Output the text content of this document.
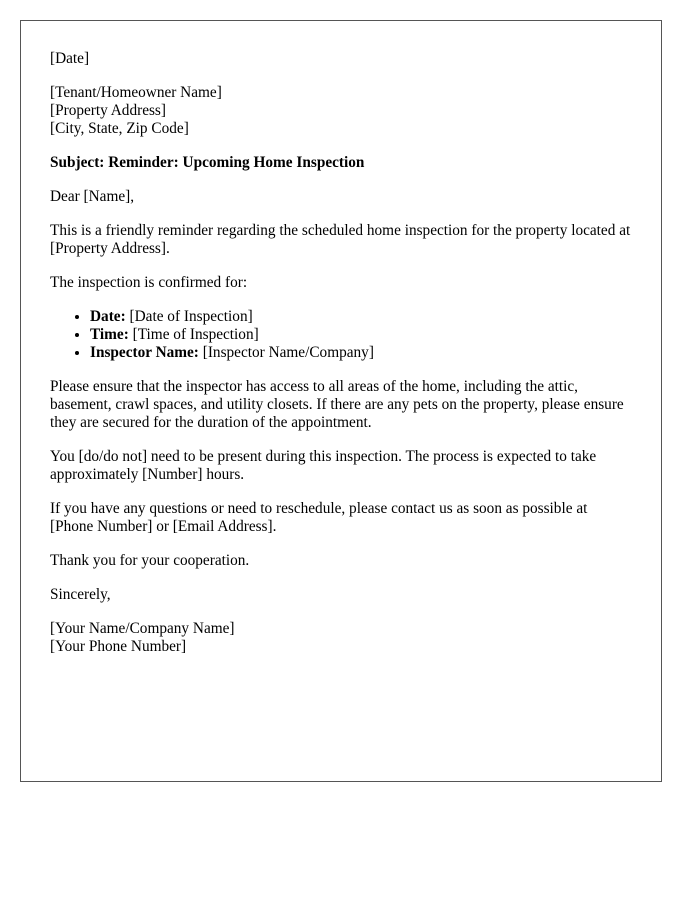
[Date]

[Tenant/Homeowner Name]
[Property Address]
[City, State, Zip Code]

Subject: Reminder: Upcoming Home Inspection

Dear [Name],

This is a friendly reminder regarding the scheduled home inspection for the property located at [Property Address].

The inspection is confirmed for:

• Date: [Date of Inspection]
• Time: [Time of Inspection]
• Inspector Name: [Inspector Name/Company]

Please ensure that the inspector has access to all areas of the home, including the attic, basement, crawl spaces, and utility closets. If there are any pets on the property, please ensure they are secured for the duration of the appointment.

You [do/do not] need to be present during this inspection. The process is expected to take approximately [Number] hours.

If you have any questions or need to reschedule, please contact us as soon as possible at [Phone Number] or [Email Address].

Thank you for your cooperation.

Sincerely,

[Your Name/Company Name]
[Your Phone Number]
